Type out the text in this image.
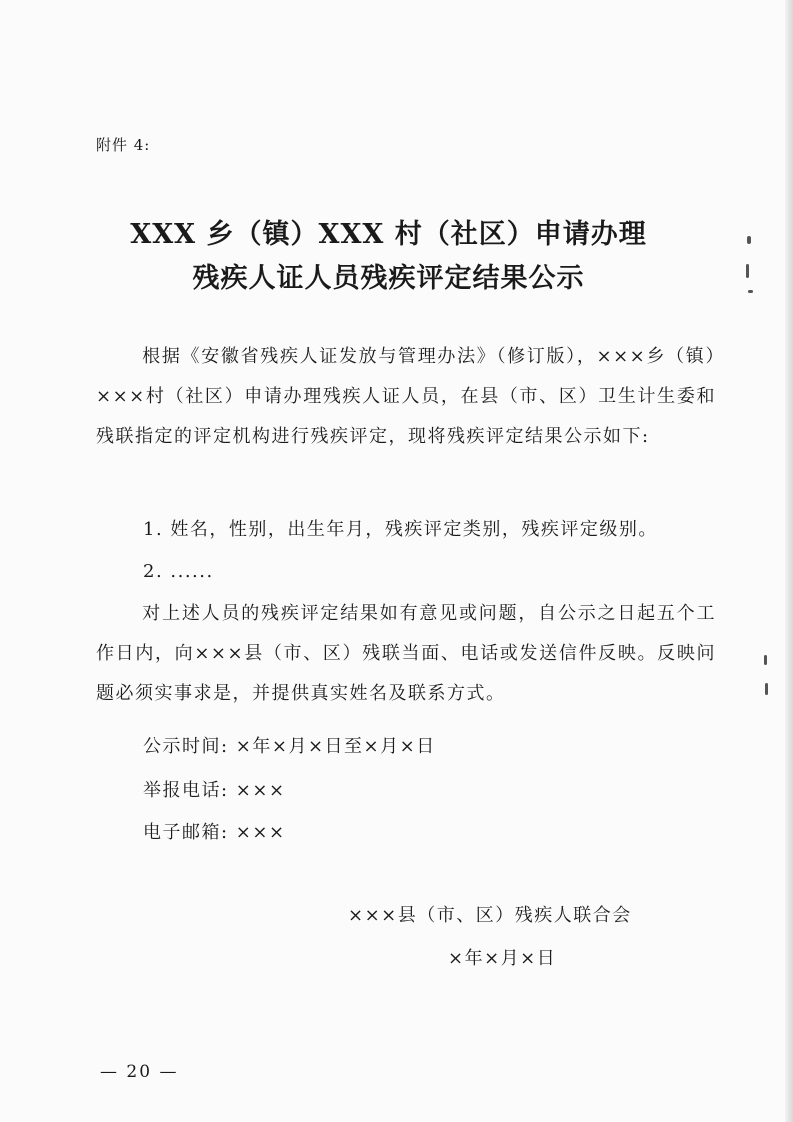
附件 4:
XXX 乡（镇）XXX 村（社区）申请办理
残疾人证人员残疾评定结果公示
根据《安徽省残疾人证发放与管理办法》（修订版），×××乡（镇）×××村（社区）申请办理残疾人证人员，在县（市、区）卫生计生委和残联指定的评定机构进行残疾评定，现将残疾评定结果公示如下:
1. 姓名，性别，出生年月，残疾评定类别，残疾评定级别。
2. ......
对上述人员的残疾评定结果如有意见或问题，自公示之日起五个工作日内，向×××县（市、区）残联当面、电话或发送信件反映。反映问题必须实事求是，并提供真实姓名及联系方式。
公示时间: ×年×月×日至×月×日
举报电话: ×××
电子邮箱: ×××
×××县（市、区）残疾人联合会
×年×月×日
— 20 —
